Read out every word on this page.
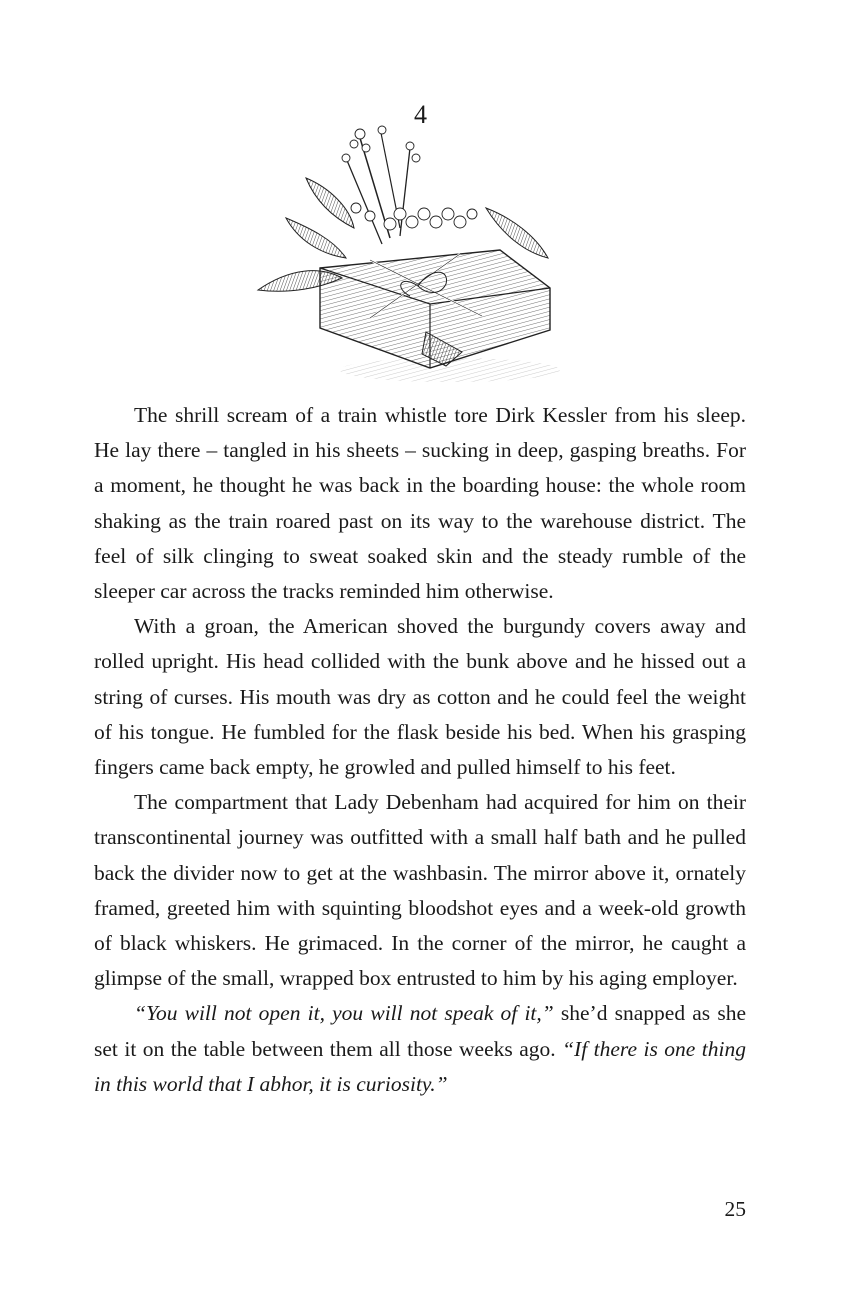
4

The shrill scream of a train whistle tore Dirk Kessler from his sleep. He lay there – tangled in his sheets – sucking in deep, gasping breaths. For a moment, he thought he was back in the boarding house: the whole room shaking as the train roared past on its way to the warehouse district. The feel of silk clinging to sweat soaked skin and the steady rumble of the sleeper car across the tracks reminded him otherwise.

With a groan, the American shoved the burgundy covers away and rolled upright. His head collided with the bunk above and he hissed out a string of curses. His mouth was dry as cotton and he could feel the weight of his tongue. He fumbled for the flask beside his bed. When his grasping fingers came back empty, he growled and pulled himself to his feet.

The compartment that Lady Debenham had acquired for him on their transcontinental journey was outfitted with a small half bath and he pulled back the divider now to get at the washbasin. The mirror above it, ornately framed, greeted him with squinting bloodshot eyes and a week-old growth of black whiskers. He grimaced. In the corner of the mirror, he caught a glimpse of the small, wrapped box entrusted to him by his aging employer.

“You will not open it, you will not speak of it,” she’d snapped as she set it on the table between them all those weeks ago. “If there is one thing in this world that I abhor, it is curiosity.”

25
